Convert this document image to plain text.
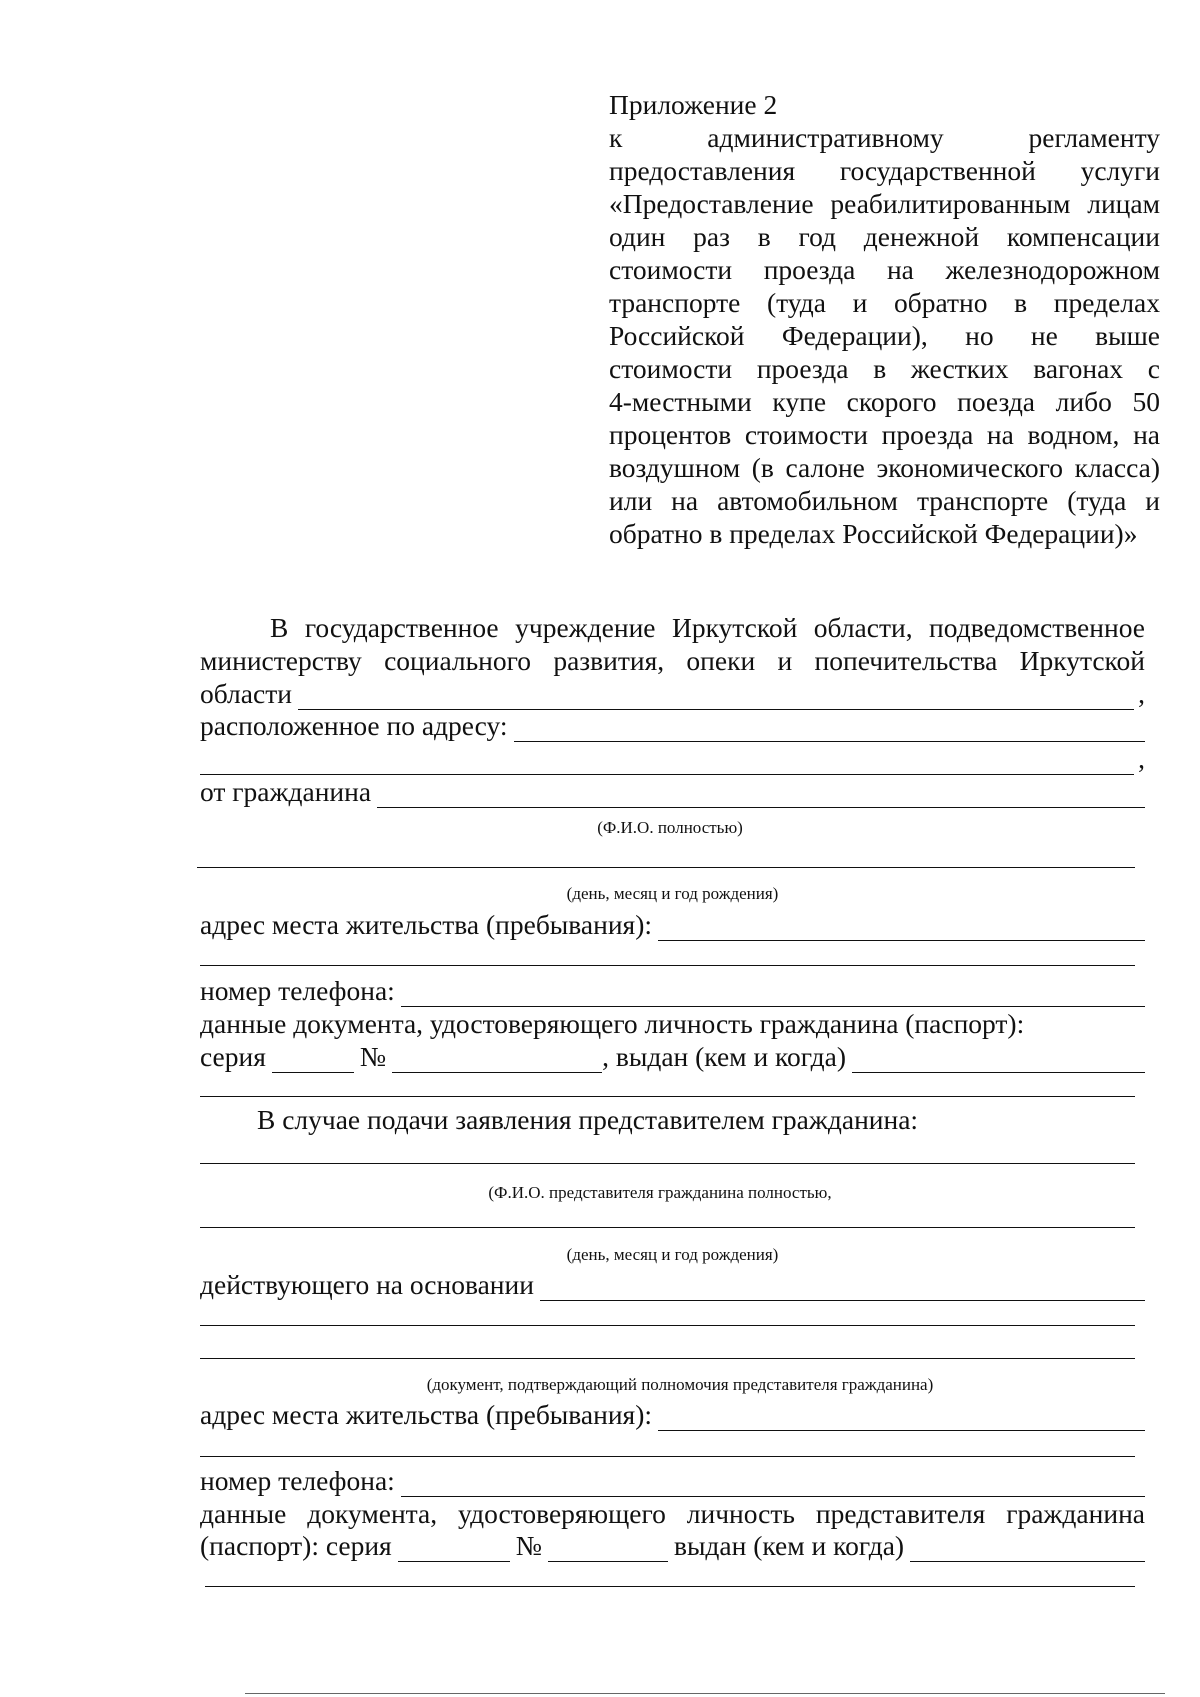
Приложение 2
к административному регламенту
предоставления государственной услуги
«Предоставление реабилитированным лицам
один раз в год денежной компенсации
стоимости проезда на железнодорожном
транспорте (туда и обратно в пределах
Российской Федерации), но не выше
стоимости проезда в жестких вагонах с
4-местными купе скорого поезда либо 50
процентов стоимости проезда на водном, на
воздушном (в салоне экономического класса)
или на автомобильном транспорте (туда и
обратно в пределах Российской Федерации)»
В государственное учреждение Иркутской области, подведомственное
министерству социального развития, опеки и попечительства Иркутской
области	,
расположенное по адресу:
,
от гражданина
(Ф.И.О. полностью)
(день, месяц и год рождения)
адрес места жительства (пребывания):
номер телефона:
данные документа, удостоверяющего личность гражданина (паспорт):
серия	№	, выдан (кем и когда)
В случае подачи заявления представителем гражданина:
(Ф.И.О. представителя гражданина полностью,
(день, месяц и год рождения)
действующего на основании
(документ, подтверждающий полномочия представителя гражданина)
адрес места жительства (пребывания):
номер телефона:
данные документа, удостоверяющего личность представителя гражданина
(паспорт): серия	№	выдан (кем и когда)
